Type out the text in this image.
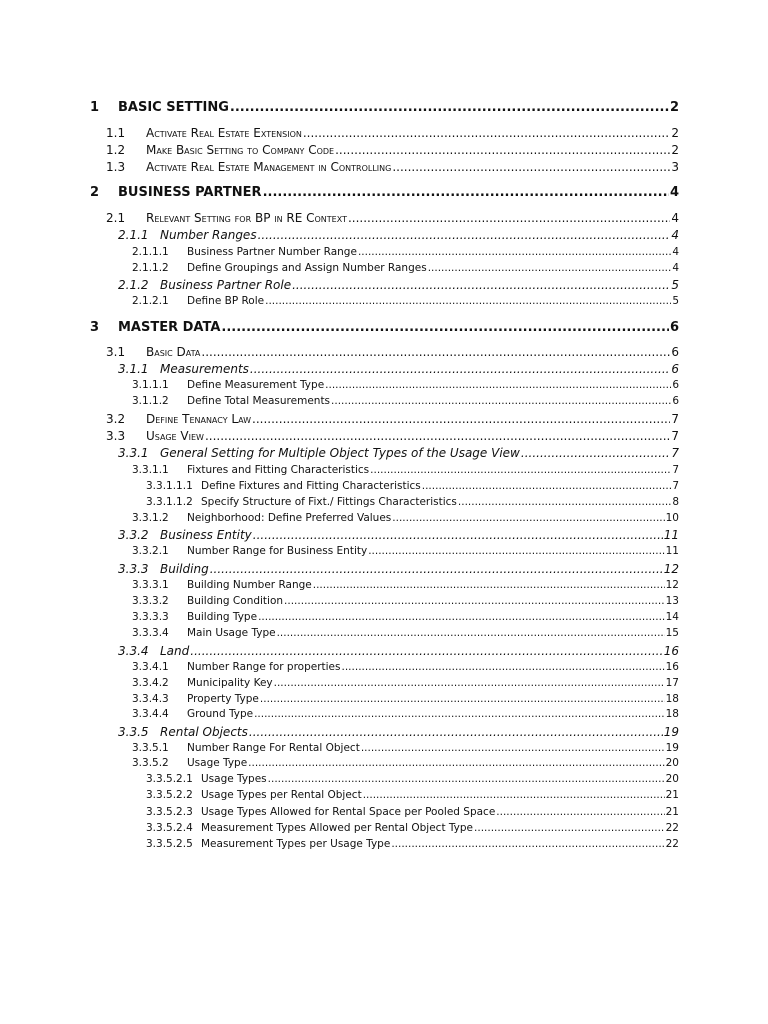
1	BASIC SETTING .....	2
1.1	Activate Real Estate Extension .....	2
1.2	Make Basic Setting to Company Code .....	2
1.3	Activate Real Estate Management in Controlling .....	3
2	BUSINESS PARTNER .....	4
2.1	Relevant Setting for BP in RE Context .....	4
2.1.1 Number Ranges .....	4
2.1.1.1	Business Partner Number Range .....	4
2.1.1.2	Define Groupings and Assign Number Ranges .....	4
2.1.2 Business Partner Role .....	5
2.1.2.1	Define BP Role .....	5
3	MASTER DATA .....	6
3.1	Basic Data .....	6
3.1.1 Measurements .....	6
3.1.1.1	Define Measurement Type .....	6
3.1.1.2	Define Total Measurements .....	6
3.2	Define Tenanacy Law .....	7
3.3	Usage View .....	7
3.3.1 General Setting for Multiple Object Types of the Usage View .....	7
3.3.1.1	Fixtures and Fitting Characteristics .....	7
3.3.1.1.1 Define Fixtures and Fitting Characteristics .....	7
3.3.1.1.2 Specify Structure of Fixt./ Fittings Characteristics .....	8
3.3.1.2	Neighborhood: Define Preferred Values .....	10
3.3.2 Business Entity .....	11
3.3.2.1	Number Range for Business Entity .....	11
3.3.3 Building .....	12
3.3.3.1	Building Number Range .....	12
3.3.3.2	Building Condition .....	13
3.3.3.3	Building Type .....	14
3.3.3.4	Main Usage Type .....	15
3.3.4 Land .....	16
3.3.4.1	Number Range for properties .....	16
3.3.4.2	Municipality Key .....	17
3.3.4.3	Property Type .....	18
3.3.4.4	Ground Type .....	18
3.3.5 Rental Objects .....	19
3.3.5.1	Number Range For Rental Object .....	19
3.3.5.2	Usage Type .....	20
3.3.5.2.1 Usage Types .....	20
3.3.5.2.2 Usage Types per Rental Object .....	21
3.3.5.2.3 Usage Types Allowed for Rental Space per Pooled Space .....	21
3.3.5.2.4 Measurement Types Allowed per Rental Object Type .....	22
3.3.5.2.5 Measurement Types per Usage Type .....	22
